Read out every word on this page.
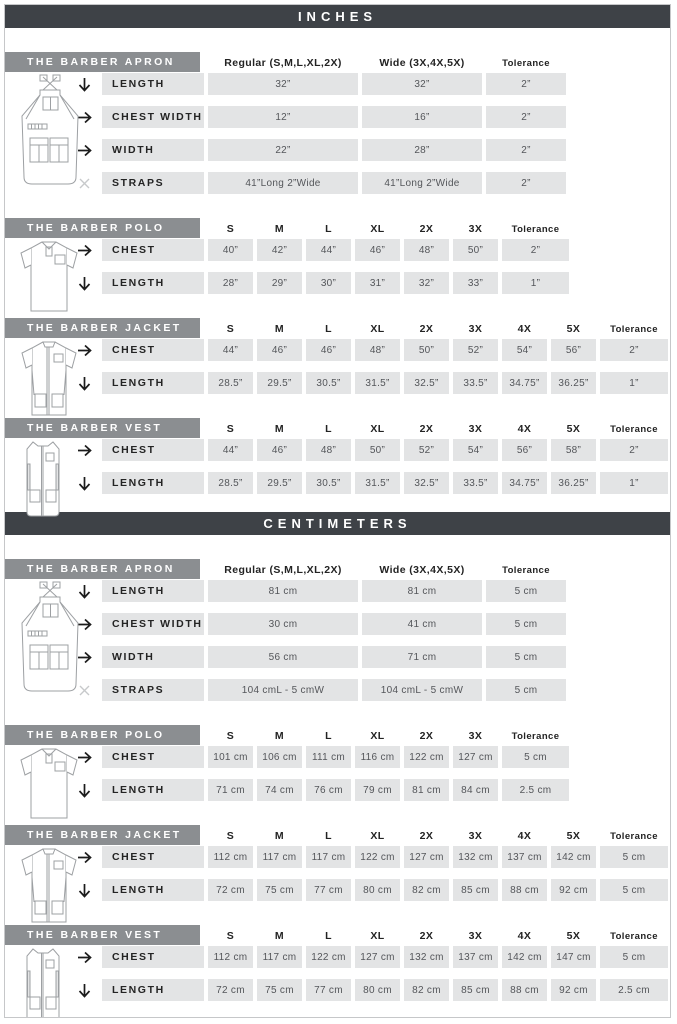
INCHES
THE BARBER APRON	Regular (S,M,L,XL,2X)	Wide (3X,4X,5X)	Tolerance
LENGTH	32”	32”	2”
CHEST WIDTH	12”	16”	2”
WIDTH	22”	28”	2”
STRAPS	41”Long 2”Wide	41”Long 2”Wide	2”
THE BARBER POLO	S	M	L	XL	2X	3X	Tolerance
CHEST	40”	42”	44”	46”	48”	50”	2”
LENGTH	28”	29”	30”	31”	32”	33”	1”
THE BARBER JACKET	S	M	L	XL	2X	3X	4X	5X	Tolerance
CHEST	44”	46”	46”	48”	50”	52”	54”	56”	2”
LENGTH	28.5”	29.5”	30.5”	31.5”	32.5”	33.5”	34.75”	36.25”	1”
THE BARBER VEST	S	M	L	XL	2X	3X	4X	5X	Tolerance
CHEST	44”	46”	48”	50”	52”	54”	56”	58”	2”
LENGTH	28.5”	29.5”	30.5”	31.5”	32.5”	33.5”	34.75”	36.25”	1”
CENTIMETERS
THE BARBER APRON	Regular (S,M,L,XL,2X)	Wide (3X,4X,5X)	Tolerance
LENGTH	81 cm	81 cm	5 cm
CHEST WIDTH	30 cm	41 cm	5 cm
WIDTH	56 cm	71 cm	5 cm
STRAPS	104 cmL - 5 cmW	104 cmL - 5 cmW	5 cm
THE BARBER POLO	S	M	L	XL	2X	3X	Tolerance
CHEST	101 cm	106 cm	111 cm	116 cm	122 cm	127 cm	5 cm
LENGTH	71 cm	74 cm	76 cm	79 cm	81 cm	84 cm	2.5 cm
THE BARBER JACKET	S	M	L	XL	2X	3X	4X	5X	Tolerance
CHEST	112 cm	117 cm	117 cm	122 cm	127 cm	132 cm	137 cm	142 cm	5 cm
LENGTH	72 cm	75 cm	77 cm	80 cm	82 cm	85 cm	88 cm	92 cm	5 cm
THE BARBER VEST	S	M	L	XL	2X	3X	4X	5X	Tolerance
CHEST	112 cm	117 cm	122 cm	127 cm	132 cm	137 cm	142 cm	147 cm	5 cm
LENGTH	72 cm	75 cm	77 cm	80 cm	82 cm	85 cm	88 cm	92 cm	2.5 cm
